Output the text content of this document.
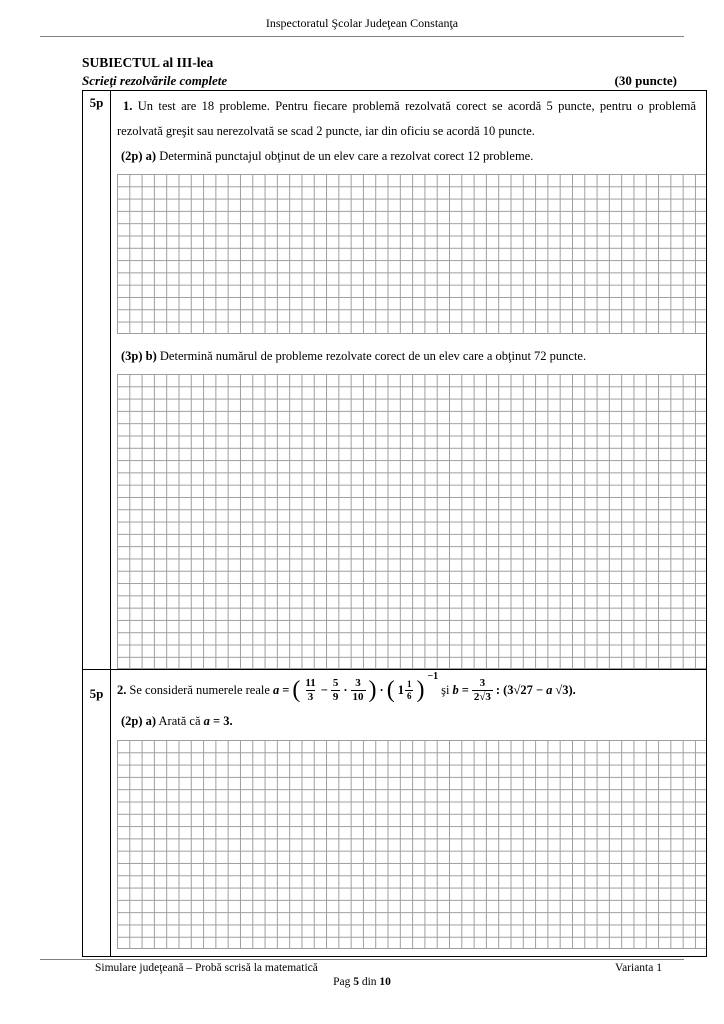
Inspectoratul Şcolar Judeţean Constanţa
SUBIECTUL al III-lea
Scrieţi rezolvările complete	(30 puncte)
5p	1. Un test are 18 probleme. Pentru fiecare problemă rezolvată corect se acordă 5 puncte, pentru o problemă rezolvată greşit sau nerezolvată se scad 2 puncte, iar din oficiu se acordă 10 puncte.

(2p) a) Determină punctajul obţinut de un elev care a rezolvat corect 12 probleme.

(3p) b) Determină numărul de probleme rezolvate corect de un elev care a obţinut 72 puncte.

5p	2. Se consideră numerele reale a = ( $\frac{11}{3} - \frac{5}{9} \cdot \frac{3}{10}$ ) · ( $1 \frac{1}{6}$ )
−1
şi $b = \frac{3}{2√3}$ : (3√27 − a √3).

(2p) a) Arată că a = 3.

Simulare judeţeană – Probă scrisă la matematică	Varianta 1
Pag 5 din 10
